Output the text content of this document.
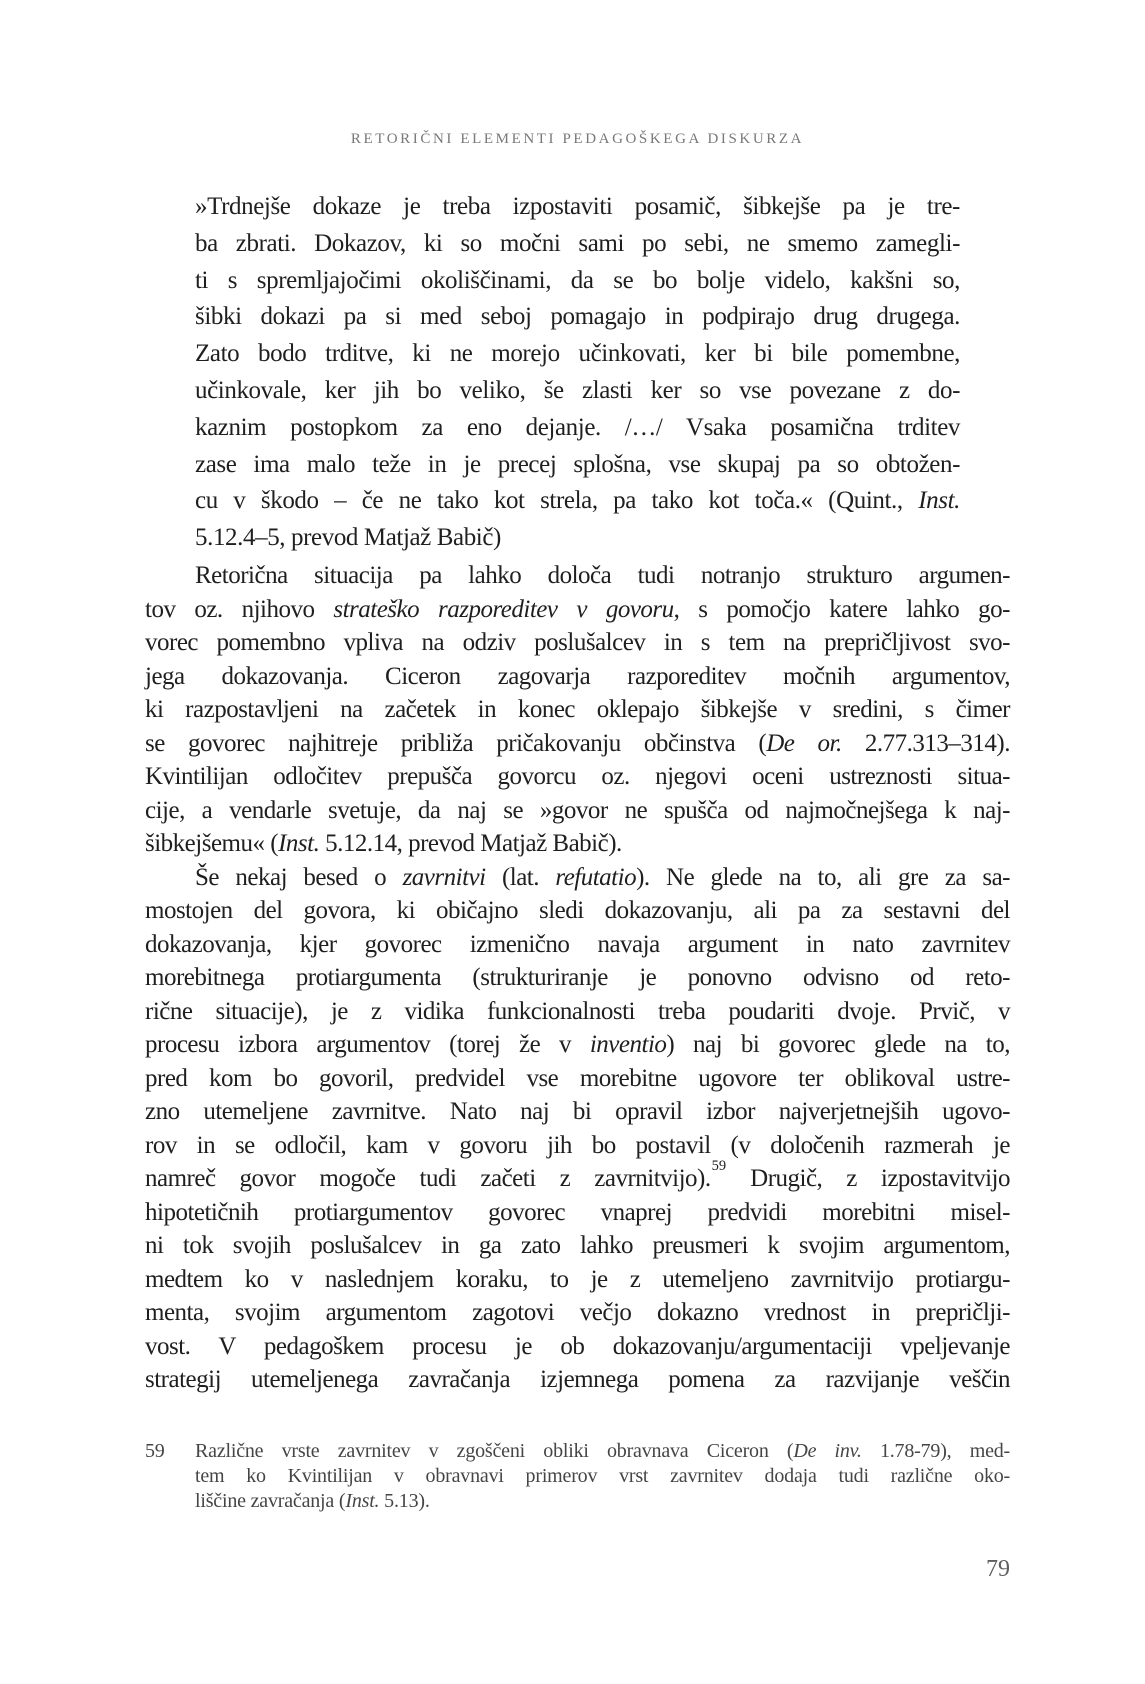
RETORIČNI ELEMENTI PEDAGOŠKEGA DISKURZA
»Trdnejše dokaze je treba izpostaviti posamič, šibkejše pa je tre-
ba zbrati. Dokazov, ki so močni sami po sebi, ne smemo zamegli-
ti s spremljajočimi okoliščinami, da se bo bolje videlo, kakšni so,
šibki dokazi pa si med seboj pomagajo in podpirajo drug drugega.
Zato bodo trditve, ki ne morejo učinkovati, ker bi bile pomembne,
učinkovale, ker jih bo veliko, še zlasti ker so vse povezane z do-
kaznim postopkom za eno dejanje. /…/ Vsaka posamična trditev
zase ima malo teže in je precej splošna, vse skupaj pa so obtožen-
cu v škodo – če ne tako kot strela, pa tako kot toča.« (Quint., Inst.
5.12.4–5, prevod Matjaž Babič)
Retorična situacija pa lahko določa tudi notranjo strukturo argumen-
tov oz. njihovo strateško razporeditev v govoru, s pomočjo katere lahko go-
vorec pomembno vpliva na odziv poslušalcev in s tem na prepričljivost svo-
jega dokazovanja. Ciceron zagovarja razporeditev močnih argumentov,
ki razpostavljeni na začetek in konec oklepajo šibkejše v sredini, s čimer
se govorec najhitreje približa pričakovanju občinstva (De or. 2.77.313–314).
Kvintilijan odločitev prepušča govorcu oz. njegovi oceni ustreznosti situa-
cije, a vendarle svetuje, da naj se »govor ne spušča od najmočnejšega k naj-
šibkejšemu« (Inst. 5.12.14, prevod Matjaž Babič).
Še nekaj besed o zavrnitvi (lat. refutatio). Ne glede na to, ali gre za sa-
mostojen del govora, ki običajno sledi dokazovanju, ali pa za sestavni del
dokazovanja, kjer govorec izmenično navaja argument in nato zavrnitev
morebitnega protiargumenta (strukturiranje je ponovno odvisno od reto-
rične situacije), je z vidika funkcionalnosti treba poudariti dvoje. Prvič, v
procesu izbora argumentov (torej že v inventio) naj bi govorec glede na to,
pred kom bo govoril, predvidel vse morebitne ugovore ter oblikoval ustre-
zno utemeljene zavrnitve. Nato naj bi opravil izbor najverjetnejših ugovo-
rov in se odločil, kam v govoru jih bo postavil (v določenih razmerah je
namreč govor mogoče tudi začeti z zavrnitvijo).$^{59}$ Drugič, z izpostavitvijo
hipotetičnih protiargumentov govorec vnaprej predvidi morebitni misel-
ni tok svojih poslušalcev in ga zato lahko preusmeri k svojim argumentom,
medtem ko v naslednjem koraku, to je z utemeljeno zavrnitvijo protiargu-
menta, svojim argumentom zagotovi večjo dokazno vrednost in prepričlji-
vost. V pedagoškem procesu je ob dokazovanju/argumentaciji vpeljevanje
strategij utemeljenega zavračanja izjemnega pomena za razvijanje veščin
59 Različne vrste zavrnitev v zgoščeni obliki obravnava Ciceron (De inv. 1.78-79), med-
tem ko Kvintilijan v obravnavi primerov vrst zavrnitev dodaja tudi različne oko-
liščine zavračanja (Inst. 5.13).
79
